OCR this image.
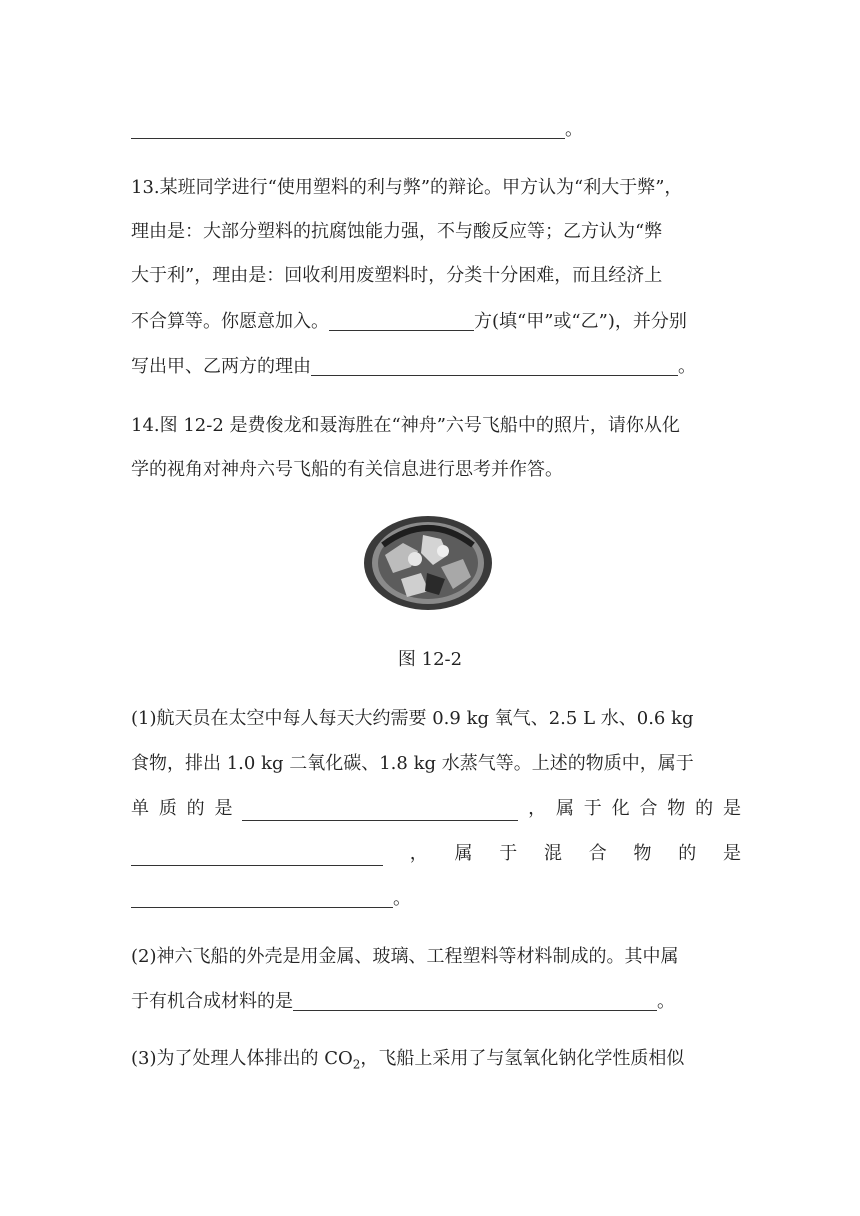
。
13.某班同学进行“使用塑料的利与弊”的辩论。甲方认为“利大于弊”，
理由是：大部分塑料的抗腐蚀能力强，不与酸反应等；乙方认为“弊
大于利”，理由是：回收利用废塑料时，分类十分困难，而且经济上
不合算等。你愿意加入。	方(填“甲”或“乙”)，并分别
写出甲、乙两方的理由	。
14.图 12-2 是费俊龙和聂海胜在“神舟”六号飞船中的照片，请你从化
学的视角对神舟六号飞船的有关信息进行思考并作答。
图 12-2
(1)航天员在太空中每人每天大约需要 0.9 kg 氧气、2.5 L 水、0.6 kg
食物，排出 1.0 kg 二氧化碳、1.8 kg 水蒸气等。上述的物质中，属于
单 质 的 是	， 属 于 化 合 物 的 是
， 属 于 混 合 物 的 是
。
(2)神六飞船的外壳是用金属、玻璃、工程塑料等材料制成的。其中属
于有机合成材料的是	。
(3)为了处理人体排出的 $CO_2$，飞船上采用了与氢氧化钠化学性质相似
